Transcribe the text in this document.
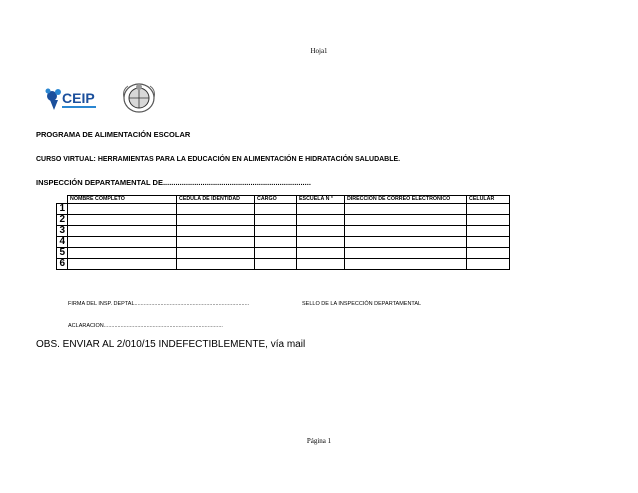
Hoja1
CEIP
PROGRAMA DE ALIMENTACIÓN ESCOLAR
CURSO VIRTUAL: HERRAMIENTAS PARA LA EDUCACIÓN EN ALIMENTACIÓN E HIDRATACIÓN SALUDABLE.
INSPECCIÓN DEPARTAMENTAL DE.......................................................................
	NOMBRE COMPLETO	CEDULA DE IDENTIDAD	CARGO	ESCUELA N °	DIRECCIÓN DE CORREO ELECTRÓNICO	CELULAR
1						
2						
3						
4						
5						
6						
FIRMA DEL INSP. DEPTAL...........................................................................	SELLO DE LA INSPECCIÓN DEPARTAMENTAL
ACLARACION..............................................................................
OBS. ENVIAR AL 2/010/15 INDEFECTIBLEMENTE, vía mail
Página 1
